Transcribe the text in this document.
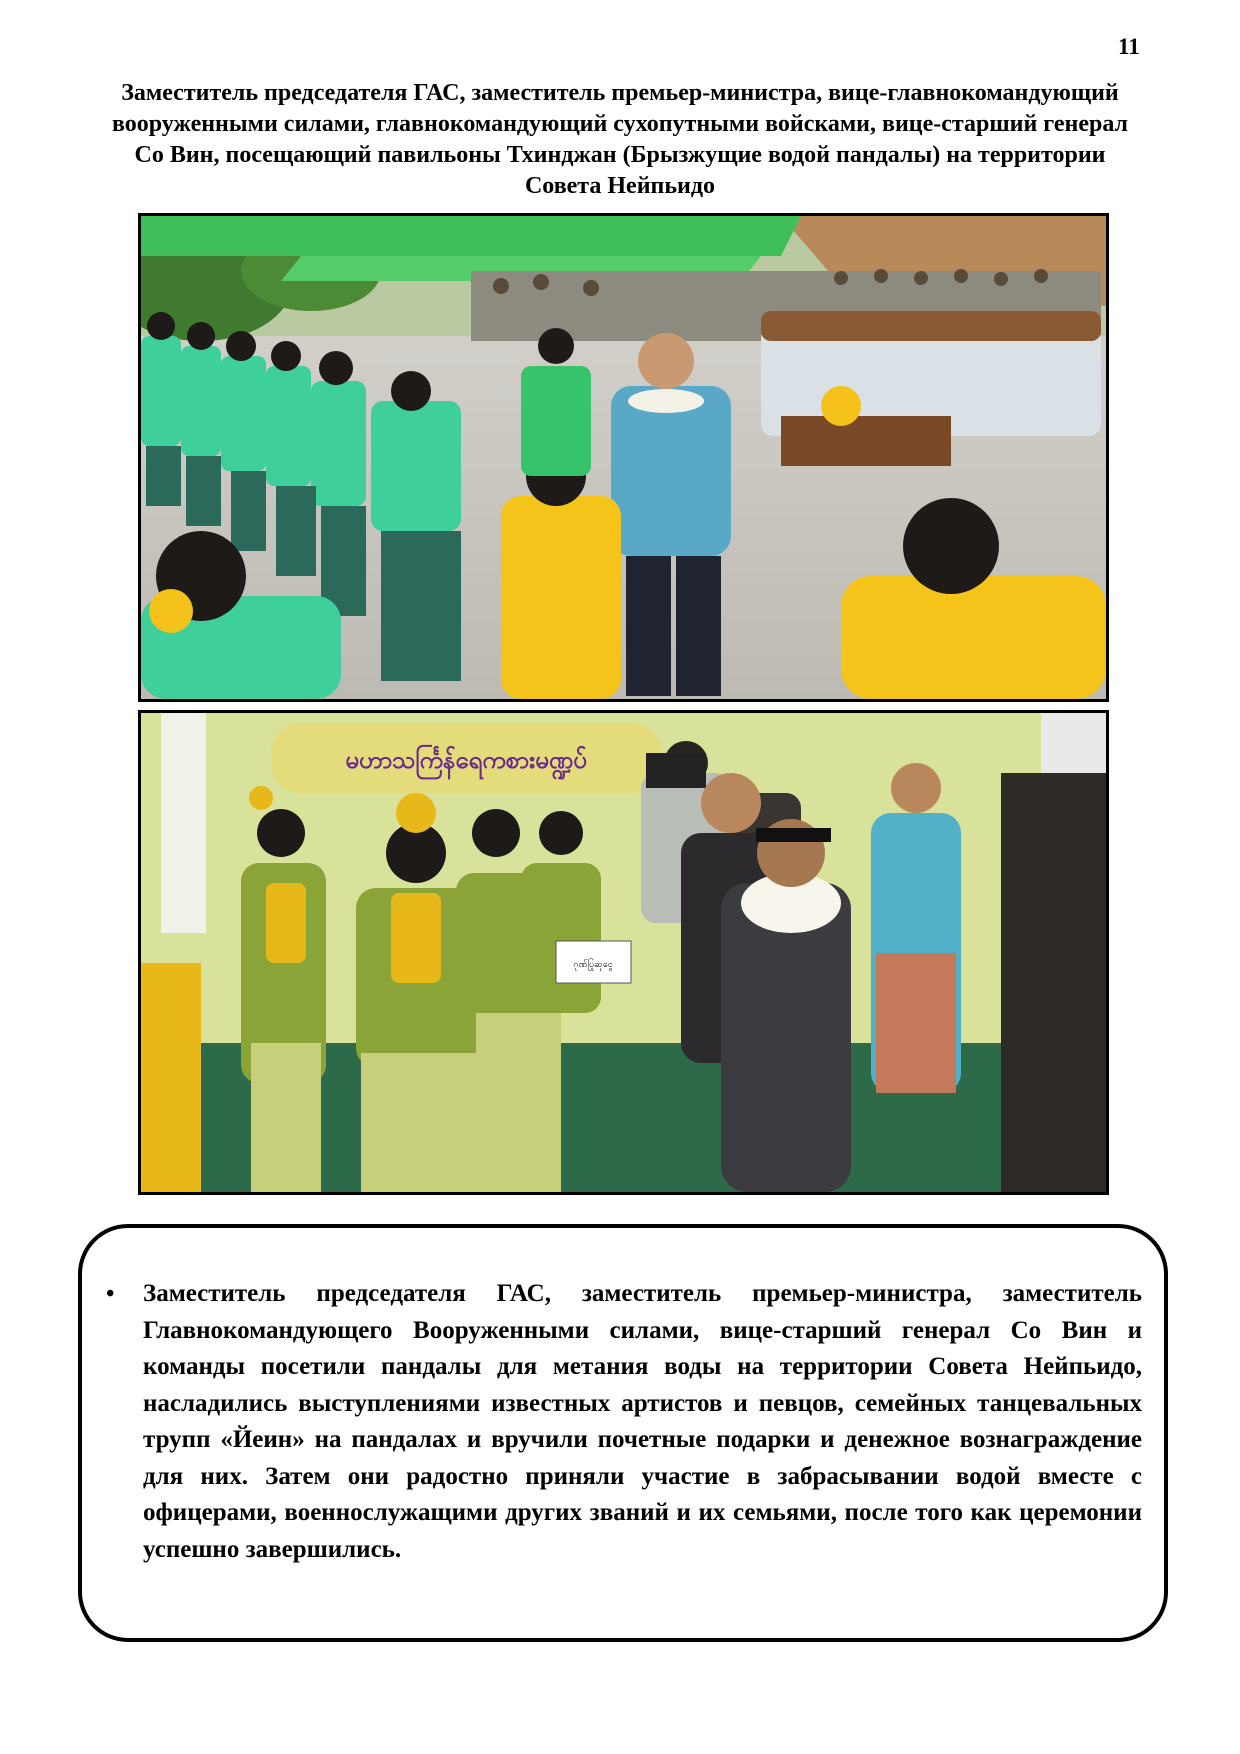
11
Заместитель председателя ГАС, заместитель премьер-министра, вице-главнокомандующий
вооруженными силами, главнокомандующий сухопутными войсками, вице-старший генерал
Со Вин, посещающий павильоны Тхинджан (Брызжущие водой пандалы) на территории
Совета Нейпьидо
မဟာသင်္ကြန်ရေကစားမဏ္ဍပ်
ဂုဏ်ပြုဆုငွေ
• Заместитель председателя ГАС, заместитель премьер-министра, заместитель Главнокомандующего Вооруженными силами, вице-старший генерал Со Вин и команды посетили пандалы для метания воды на территории Совета Нейпьидо, насладились выступлениями известных артистов и певцов, семейных танцевальных трупп «Йеин» на пандалах и вручили почетные подарки и денежное вознаграждение для них. Затем они радостно приняли участие в забрасывании водой вместе с офицерами, военнослужащими других званий и их семьями, после того как церемонии успешно завершились.
